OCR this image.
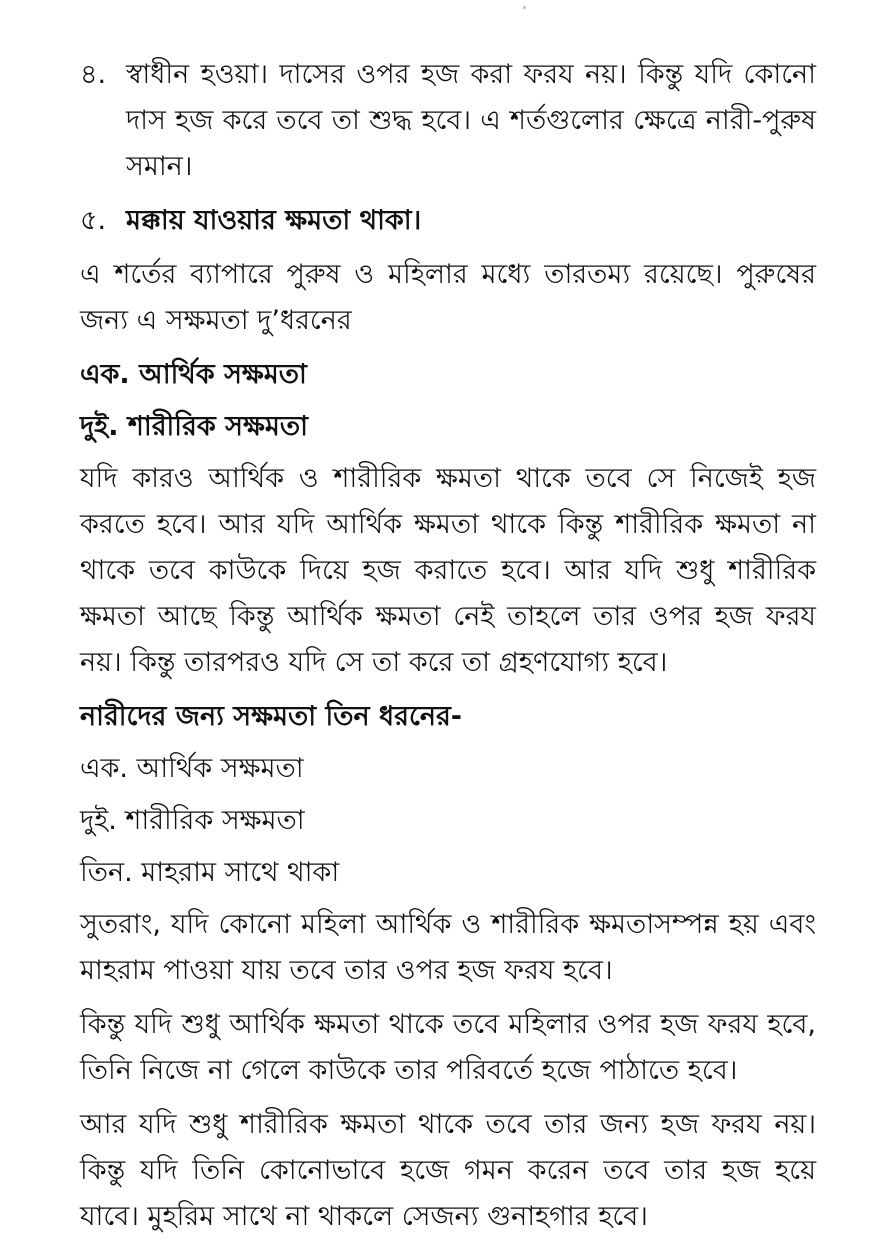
৪. স্বাধীন হওয়া। দাসের ওপর হজ করা ফরয নয়। কিন্তু যদি কোনো দাস হজ করে তবে তা শুদ্ধ হবে। এ শর্তগুলোর ক্ষেত্রে নারী-পুরুষ সমান।
৫. মক্কায় যাওয়ার ক্ষমতা থাকা।

এ শর্তের ব্যাপারে পুরুষ ও মহিলার মধ্যে তারতম্য রয়েছে। পুরুষের জন্য এ সক্ষমতা দু’ধরনের

এক. আর্থিক সক্ষমতা
দুই. শারীরিক সক্ষমতা

যদি কারও আর্থিক ও শারীরিক ক্ষমতা থাকে তবে সে নিজেই হজ করতে হবে। আর যদি আর্থিক ক্ষমতা থাকে কিন্তু শারীরিক ক্ষমতা না থাকে তবে কাউকে দিয়ে হজ করাতে হবে। আর যদি শুধু শারীরিক ক্ষমতা আছে কিন্তু আর্থিক ক্ষমতা নেই তাহলে তার ওপর হজ ফরয নয়। কিন্তু তারপরও যদি সে তা করে তা গ্রহণযোগ্য হবে।

নারীদের জন্য সক্ষমতা তিন ধরনের-
এক. আর্থিক সক্ষমতা
দুই. শারীরিক সক্ষমতা
তিন. মাহরাম সাথে থাকা

সুতরাং, যদি কোনো মহিলা আর্থিক ও শারীরিক ক্ষমতাসম্পন্ন হয় এবং মাহরাম পাওয়া যায় তবে তার ওপর হজ ফরয হবে।

কিন্তু যদি শুধু আর্থিক ক্ষমতা থাকে তবে মহিলার ওপর হজ ফরয হবে, তিনি নিজে না গেলে কাউকে তার পরিবর্তে হজে পাঠাতে হবে।

আর যদি শুধু শারীরিক ক্ষমতা থাকে তবে তার জন্য হজ ফরয নয়। কিন্তু যদি তিনি কোনোভাবে হজে গমন করেন তবে তার হজ হয়ে যাবে। মুহরিম সাথে না থাকলে সেজন্য গুনাহগার হবে।
